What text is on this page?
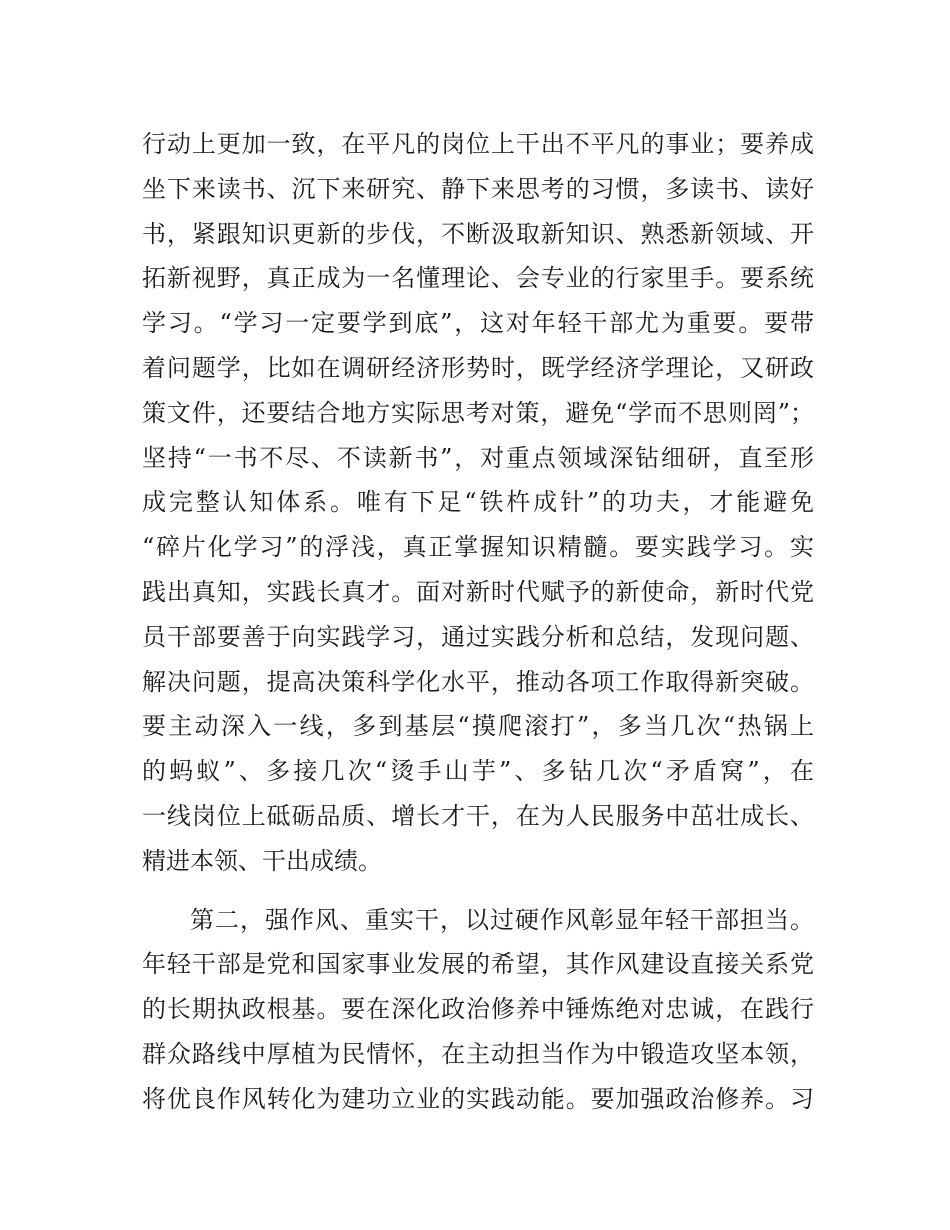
行动上更加一致，在平凡的岗位上干出不平凡的事业；要养成
坐下来读书、沉下来研究、静下来思考的习惯，多读书、读好
书，紧跟知识更新的步伐，不断汲取新知识、熟悉新领域、开
拓新视野，真正成为一名懂理论、会专业的行家里手。要系统
学习。“学习一定要学到底”，这对年轻干部尤为重要。要带
着问题学，比如在调研经济形势时，既学经济学理论，又研政
策文件，还要结合地方实际思考对策，避免“学而不思则罔”；
坚持“一书不尽、不读新书”，对重点领域深钻细研，直至形
成完整认知体系。唯有下足“铁杵成针”的功夫，才能避免
“碎片化学习”的浮浅，真正掌握知识精髓。要实践学习。实
践出真知，实践长真才。面对新时代赋予的新使命，新时代党
员干部要善于向实践学习，通过实践分析和总结，发现问题、
解决问题，提高决策科学化水平，推动各项工作取得新突破。
要主动深入一线，多到基层“摸爬滚打”，多当几次“热锅上
的蚂蚁”、多接几次“烫手山芋”、多钻几次“矛盾窝”，在
一线岗位上砥砺品质、增长才干，在为人民服务中茁壮成长、
精进本领、干出成绩。
第二，强作风、重实干，以过硬作风彰显年轻干部担当。
年轻干部是党和国家事业发展的希望，其作风建设直接关系党
的长期执政根基。要在深化政治修养中锤炼绝对忠诚，在践行
群众路线中厚植为民情怀，在主动担当作为中锻造攻坚本领，
将优良作风转化为建功立业的实践动能。要加强政治修养。习
